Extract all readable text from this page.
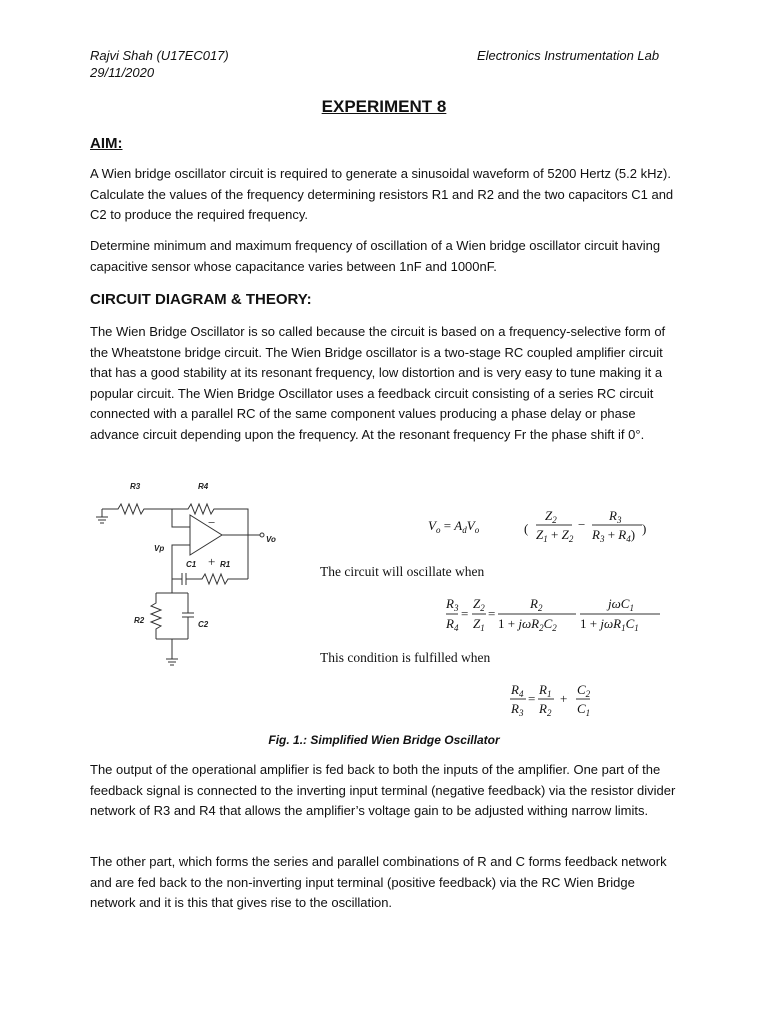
Rajvi Shah (U17EC017)
29/11/2020
Electronics Instrumentation Lab
EXPERIMENT 8
AIM:

A Wien bridge oscillator circuit is required to generate a sinusoidal waveform of 5200 Hertz (5.2 kHz). Calculate the values of the frequency determining resistors R1 and R2 and the two capacitors C1 and C2 to produce the required frequency.

Determine minimum and maximum frequency of oscillation of a Wien bridge oscillator circuit having capacitive sensor whose capacitance varies between 1nF and 1000nF.

CIRCUIT DIAGRAM & THEORY:

The Wien Bridge Oscillator is so called because the circuit is based on a frequency-selective form of the Wheatstone bridge circuit. The Wien Bridge oscillator is a two-stage RC coupled amplifier circuit that has a good stability at its resonant frequency, low distortion and is very easy to tune making it a popular circuit. The Wien Bridge Oscillator uses a feedback circuit consisting of a series RC circuit connected with a parallel RC of the same component values producing a phase delay or phase advance circuit depending upon the frequency. At the resonant frequency Fr the phase shift if 0°.

+
−
R3	R4
Vo
Vp
C1	R1
R2	C2
$V_o = A_dV_o$	(
$Z_2$
$Z_1 + Z_2$
−
$R_3$
$R_3 + R_4$) )
The circuit will oscillate when
$R_3$
$R_4$
=
$Z_2$
$Z_1$
=
$R_2$
$1 + j\omega R_2C_2$
jωC$_1$
$1 + j\omega R_1C_1$
This condition is fulfilled when
$R_4$
$R_3$
=
$R_1$
$R_2$
+
$C_2$
$C_1$
Fig. 1.: Simplified Wien Bridge Oscillator

The output of the operational amplifier is fed back to both the inputs of the amplifier. One part of the feedback signal is connected to the inverting input terminal (negative feedback) via the resistor divider network of R3 and R4 that allows the amplifier’s voltage gain to be adjusted withing narrow limits.

The other part, which forms the series and parallel combinations of R and C forms feedback network and are fed back to the non-inverting input terminal (positive feedback) via the RC Wien Bridge network and it is this that gives rise to the oscillation.
